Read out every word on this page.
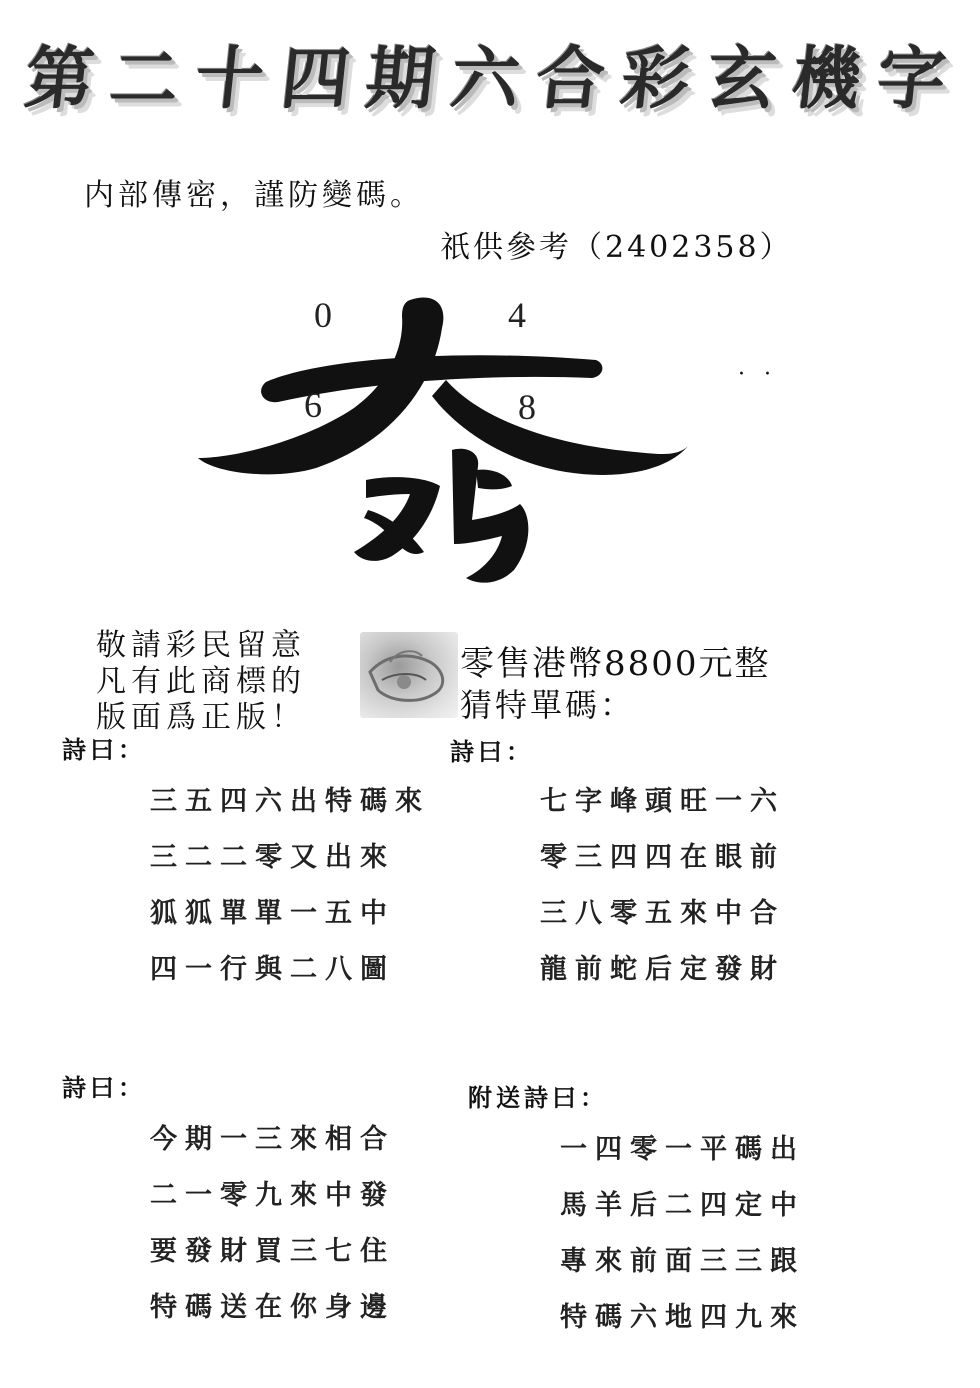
第 二 十 四 期 六 合 彩 玄 機 字
内部傳密，謹防變碼。
祇供參考（2402358）
0	4
6	8
· ·
敬請彩民留意
凡有此商標的
版面爲正版！
零售港幣8800元整
猜特單碼：
詩曰：
三五四六出特碼來
三二二零又出來
狐狐單單一五中
四一行與二八圖
詩曰：
七字峰頭旺一六
零三四四在眼前
三八零五來中合
龍前蛇后定發財
詩曰：
今期一三來相合
二一零九來中發
要發財買三七住
特碼送在你身邊
附送詩曰：
一四零一平碼出
馬羊后二四定中
專來前面三三跟
特碼六地四九來
